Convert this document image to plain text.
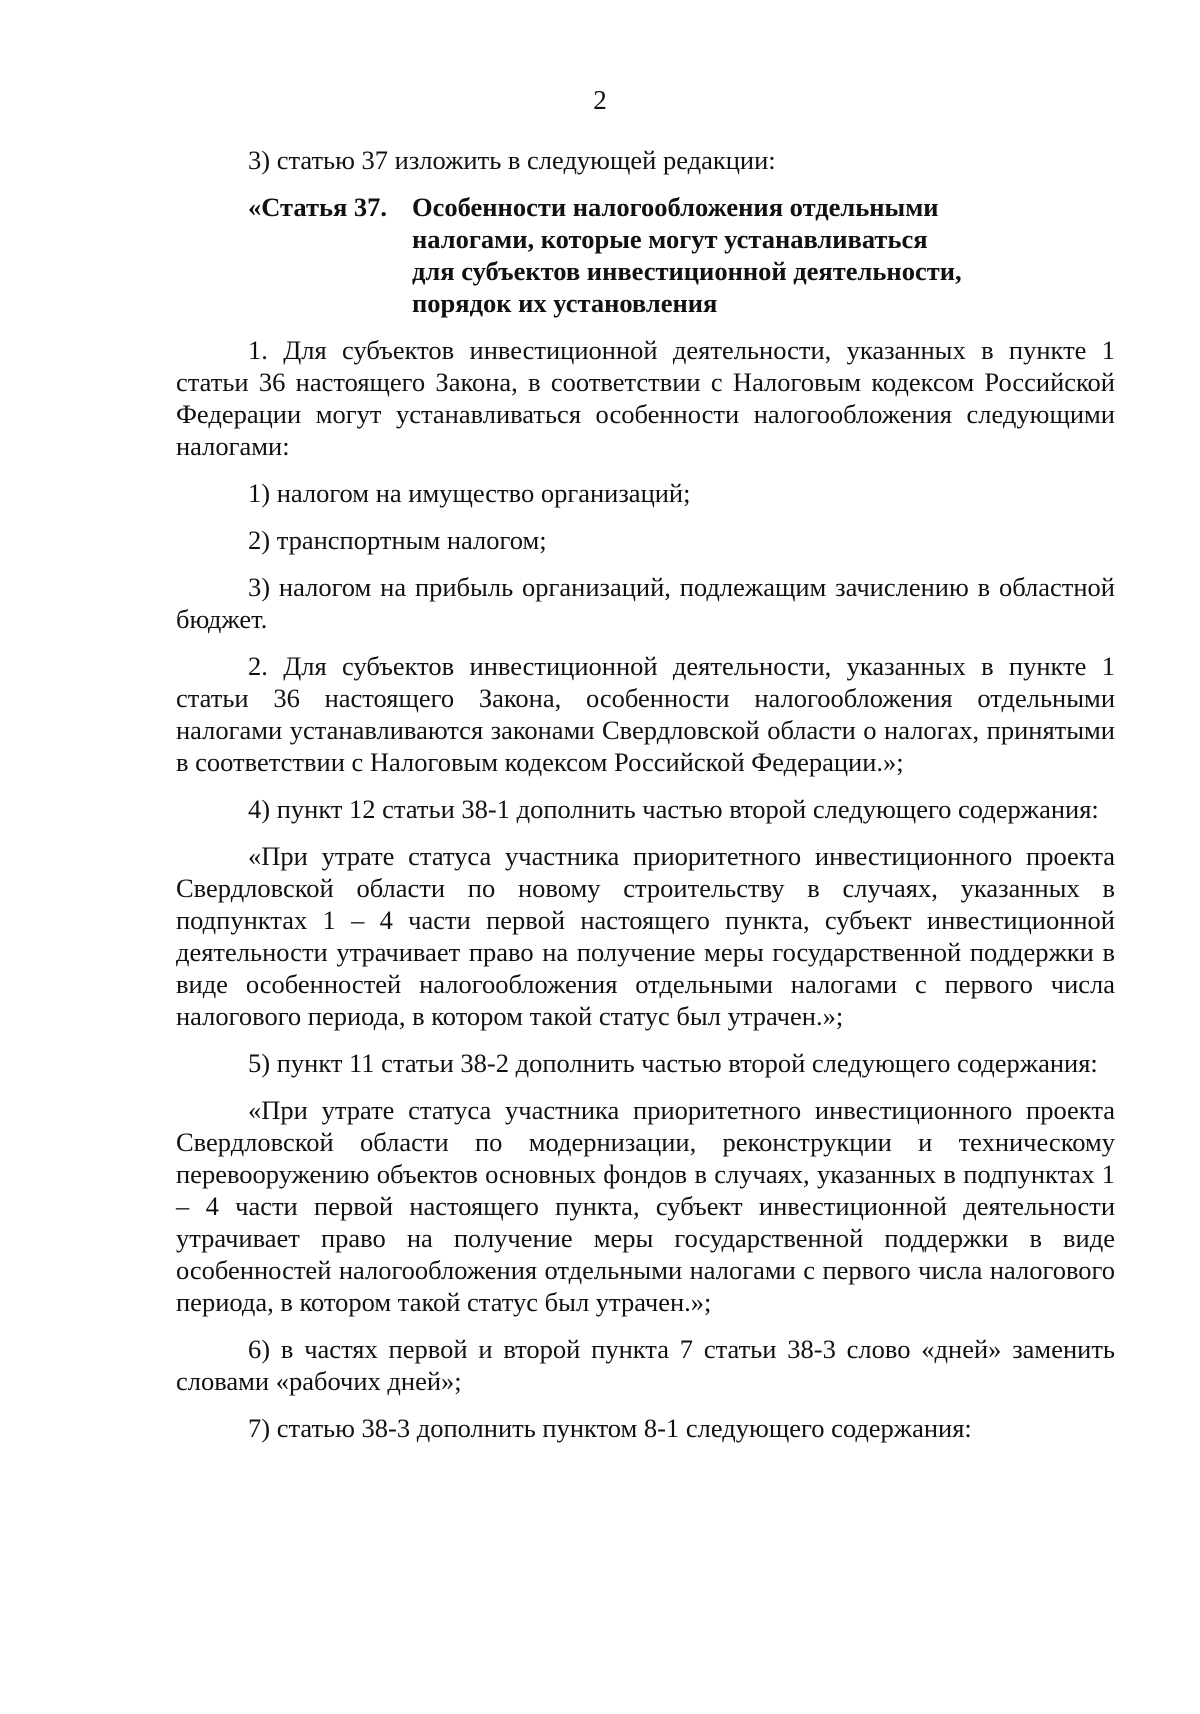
2

3) статью 37 изложить в следующей редакции:

«Статья 37. Особенности налогообложения отдельными
налогами, которые могут устанавливаться
для субъектов инвестиционной деятельности,
порядок их установления

1. Для субъектов инвестиционной деятельности, указанных в пункте 1 статьи 36 настоящего Закона, в соответствии с Налоговым кодексом Российской Федерации могут устанавливаться особенности налогообложения следующими налогами:

1) налогом на имущество организаций;

2) транспортным налогом;

3) налогом на прибыль организаций, подлежащим зачислению в областной бюджет.

2. Для субъектов инвестиционной деятельности, указанных в пункте 1 статьи 36 настоящего Закона, особенности налогообложения отдельными налогами устанавливаются законами Свердловской области о налогах, принятыми в соответствии с Налоговым кодексом Российской Федерации.»;

4) пункт 12 статьи 38-1 дополнить частью второй следующего содержания:

«При утрате статуса участника приоритетного инвестиционного проекта Свердловской области по новому строительству в случаях, указанных в подпунктах 1 – 4 части первой настоящего пункта, субъект инвестиционной деятельности утрачивает право на получение меры государственной поддержки в виде особенностей налогообложения отдельными налогами с первого числа налогового периода, в котором такой статус был утрачен.»;

5) пункт 11 статьи 38-2 дополнить частью второй следующего содержания:

«При утрате статуса участника приоритетного инвестиционного проекта Свердловской области по модернизации, реконструкции и техническому перевооружению объектов основных фондов в случаях, указанных в подпунктах 1 – 4 части первой настоящего пункта, субъект инвестиционной деятельности утрачивает право на получение меры государственной поддержки в виде особенностей налогообложения отдельными налогами с первого числа налогового периода, в котором такой статус был утрачен.»;

6) в частях первой и второй пункта 7 статьи 38-3 слово «дней» заменить словами «рабочих дней»;

7) статью 38-3 дополнить пунктом 8-1 следующего содержания:
